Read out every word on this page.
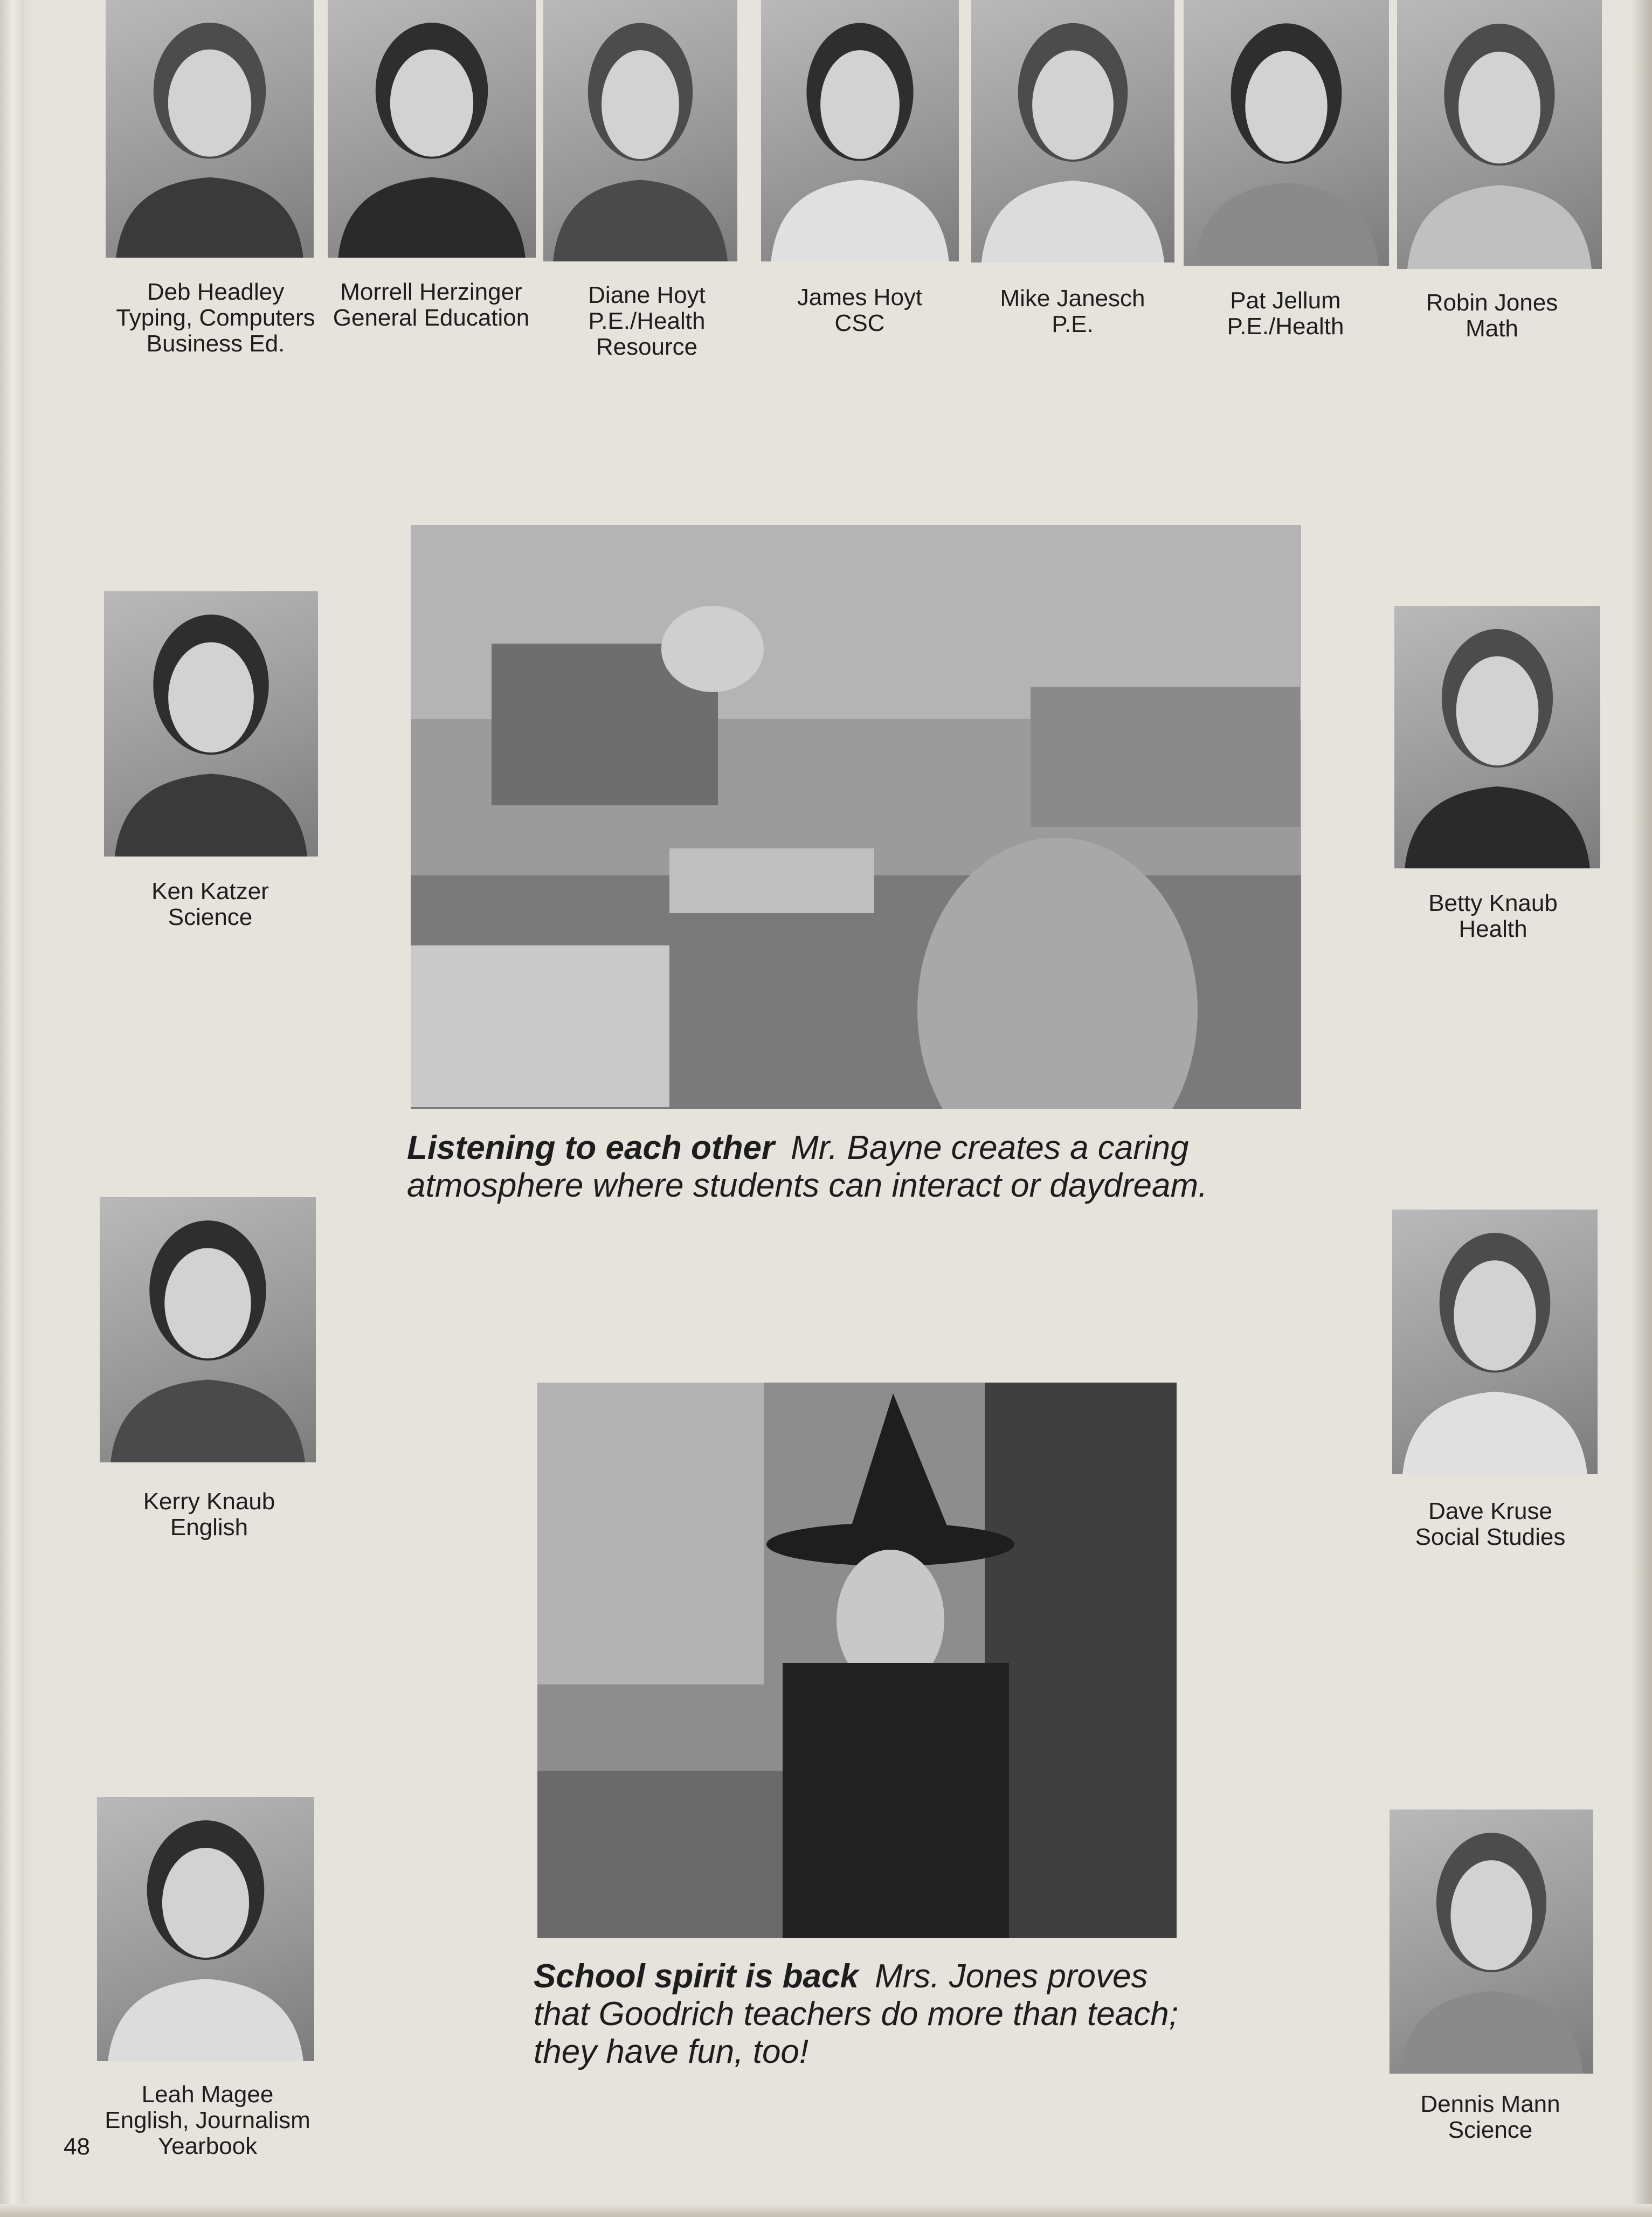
Deb Headley
Typing, Computers
Business Ed.
Morrell Herzinger
General Education
Diane Hoyt
P.E./Health
Resource
James Hoyt
CSC
Mike Janesch
P.E.
Pat Jellum
P.E./Health
Robin Jones
Math
Ken Katzer
Science
Betty Knaub
Health
Kerry Knaub
English
Dave Kruse
Social Studies
Leah Magee
English, Journalism
Yearbook
Dennis Mann
Science
Listening to each other Mr. Bayne creates a caring atmosphere where students can interact or daydream.
School spirit is back Mrs. Jones proves that Goodrich teachers do more than teach; they have fun, too!
48
